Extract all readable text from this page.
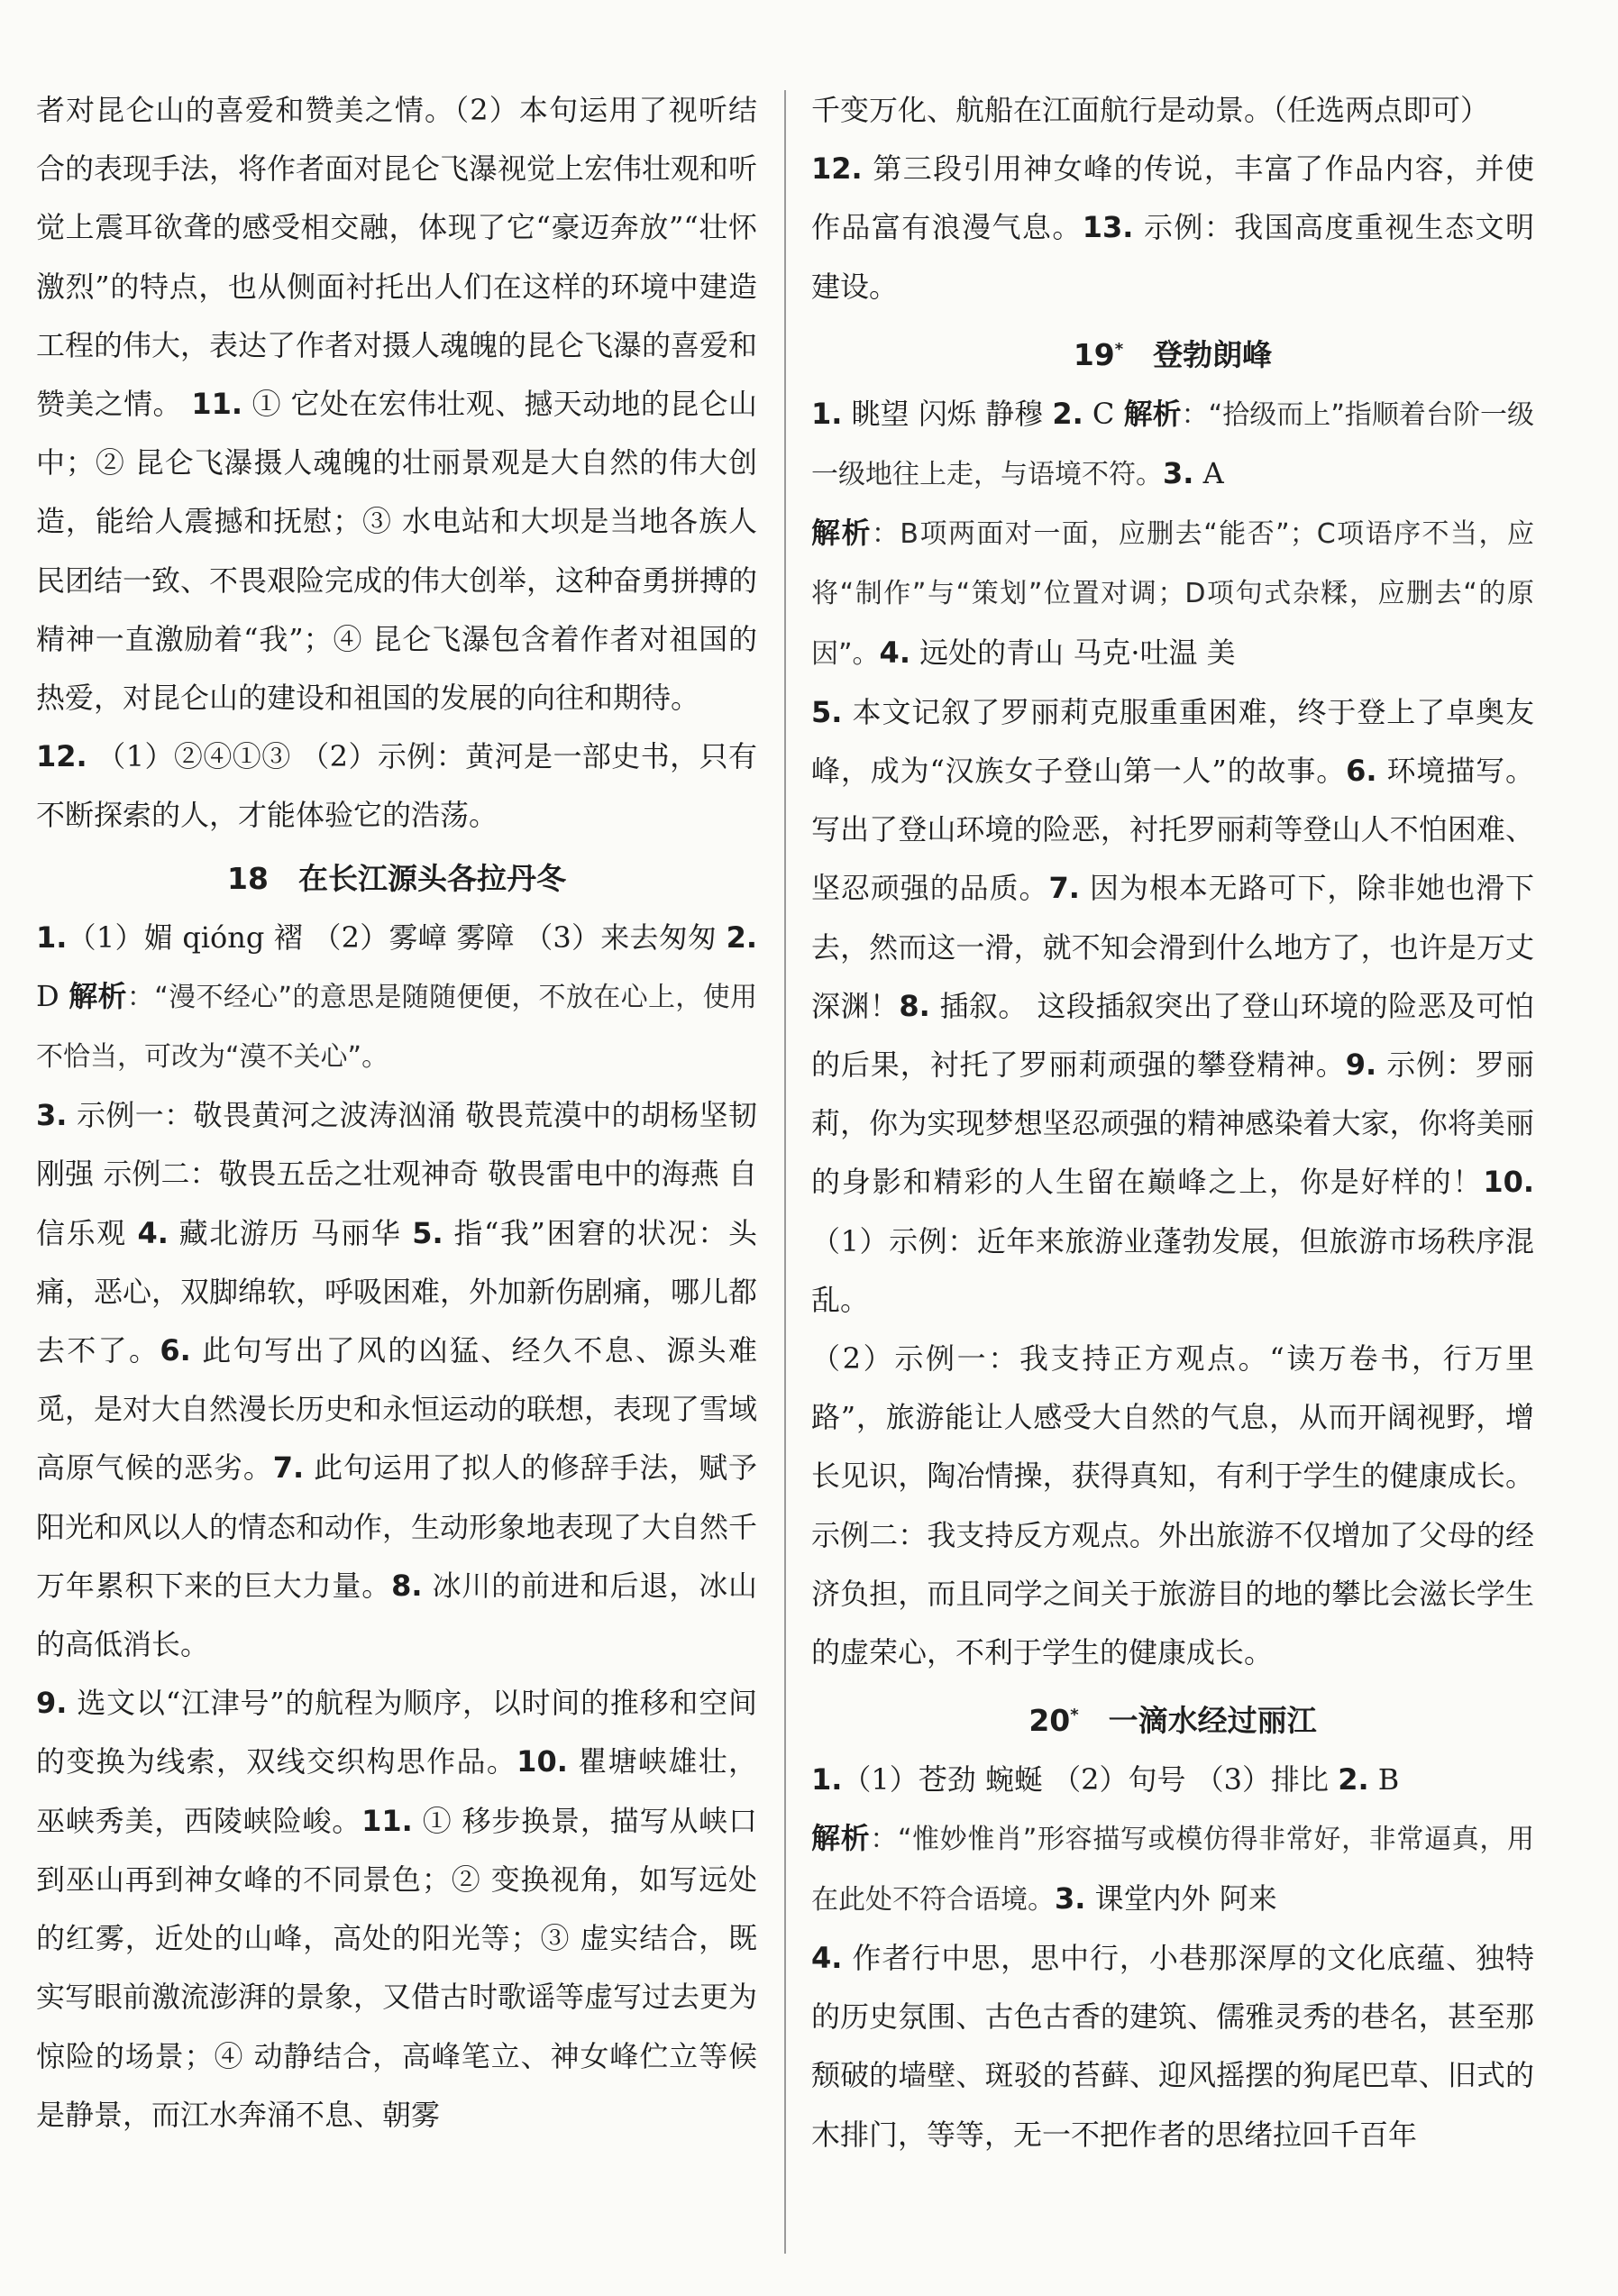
者对昆仑山的喜爱和赞美之情。（2）本句运用了视听结合的表现手法，将作者面对昆仑飞瀑视觉上宏伟壮观和听觉上震耳欲聋的感受相交融，体现了它“豪迈奔放”“壮怀激烈”的特点，也从侧面衬托出人们在这样的环境中建造工程的伟大，表达了作者对摄人魂魄的昆仑飞瀑的喜爱和赞美之情。 11. ① 它处在宏伟壮观、撼天动地的昆仑山中；② 昆仑飞瀑摄人魂魄的壮丽景观是大自然的伟大创造，能给人震撼和抚慰；③ 水电站和大坝是当地各族人民团结一致、不畏艰险完成的伟大创举，这种奋勇拼搏的精神一直激励着“我”；④ 昆仑飞瀑包含着作者对祖国的热爱，对昆仑山的建设和祖国的发展的向往和期待。

12. （1）②④①③ （2）示例：黄河是一部史书，只有不断探索的人，才能体验它的浩荡。

18　在长江源头各拉丹冬

1.（1）媚 qióng 褶 （2）雾嶂 雾障 （3）来去匆匆 2. D 解析：“漫不经心”的意思是随随便便，不放在心上，使用不恰当，可改为“漠不关心”。

3. 示例一：敬畏黄河之波涛汹涌 敬畏荒漠中的胡杨坚韧刚强 示例二：敬畏五岳之壮观神奇 敬畏雷电中的海燕 自信乐观 4. 藏北游历 马丽华 5. 指“我”困窘的状况：头痛，恶心，双脚绵软，呼吸困难，外加新伤剧痛，哪儿都去不了。6. 此句写出了风的凶猛、经久不息、源头难觅，是对大自然漫长历史和永恒运动的联想，表现了雪域高原气候的恶劣。7. 此句运用了拟人的修辞手法，赋予阳光和风以人的情态和动作，生动形象地表现了大自然千万年累积下来的巨大力量。8. 冰川的前进和后退，冰山的高低消长。

9. 选文以“江津号”的航程为顺序，以时间的推移和空间的变换为线索，双线交织构思作品。10. 瞿塘峡雄壮，巫峡秀美，西陵峡险峻。11. ① 移步换景，描写从峡口到巫山再到神女峰的不同景色；② 变换视角，如写远处的红雾，近处的山峰，高处的阳光等；③ 虚实结合，既实写眼前激流澎湃的景象，又借古时歌谣等虚写过去更为惊险的场景；④ 动静结合，高峰笔立、神女峰伫立等候是静景，而江水奔涌不息、朝雾

千变万化、航船在江面航行是动景。（任选两点即可）

12. 第三段引用神女峰的传说，丰富了作品内容，并使作品富有浪漫气息。13. 示例：我国高度重视生态文明建设。

19*　登勃朗峰

1. 眺望 闪烁 静穆 2. C 解析：“拾级而上”指顺着台阶一级一级地往上走，与语境不符。3. A

解析：B项两面对一面，应删去“能否”；C项语序不当，应将“制作”与“策划”位置对调；D项句式杂糅，应删去“的原因”。4. 远处的青山 马克·吐温 美

5. 本文记叙了罗丽莉克服重重困难，终于登上了卓奥友峰，成为“汉族女子登山第一人”的故事。6. 环境描写。 写出了登山环境的险恶，衬托罗丽莉等登山人不怕困难、坚忍顽强的品质。7. 因为根本无路可下，除非她也滑下去，然而这一滑，就不知会滑到什么地方了，也许是万丈深渊！8. 插叙。 这段插叙突出了登山环境的险恶及可怕的后果，衬托了罗丽莉顽强的攀登精神。9. 示例：罗丽莉，你为实现梦想坚忍顽强的精神感染着大家，你将美丽的身影和精彩的人生留在巅峰之上，你是好样的！10. （1）示例：近年来旅游业蓬勃发展，但旅游市场秩序混乱。

（2）示例一：我支持正方观点。“读万卷书，行万里路”，旅游能让人感受大自然的气息，从而开阔视野，增长见识，陶冶情操，获得真知，有利于学生的健康成长。 示例二：我支持反方观点。外出旅游不仅增加了父母的经济负担，而且同学之间关于旅游目的地的攀比会滋长学生的虚荣心，不利于学生的健康成长。

20*　一滴水经过丽江

1.（1）苍劲 蜿蜒 （2）句号 （3）排比 2. B

解析：“惟妙惟肖”形容描写或模仿得非常好，非常逼真，用在此处不符合语境。3. 课堂内外 阿来

4. 作者行中思，思中行，小巷那深厚的文化底蕴、独特的历史氛围、古色古香的建筑、儒雅灵秀的巷名，甚至那颓破的墙壁、斑驳的苔藓、迎风摇摆的狗尾巴草、旧式的木排门，等等，无一不把作者的思绪拉回千百年
